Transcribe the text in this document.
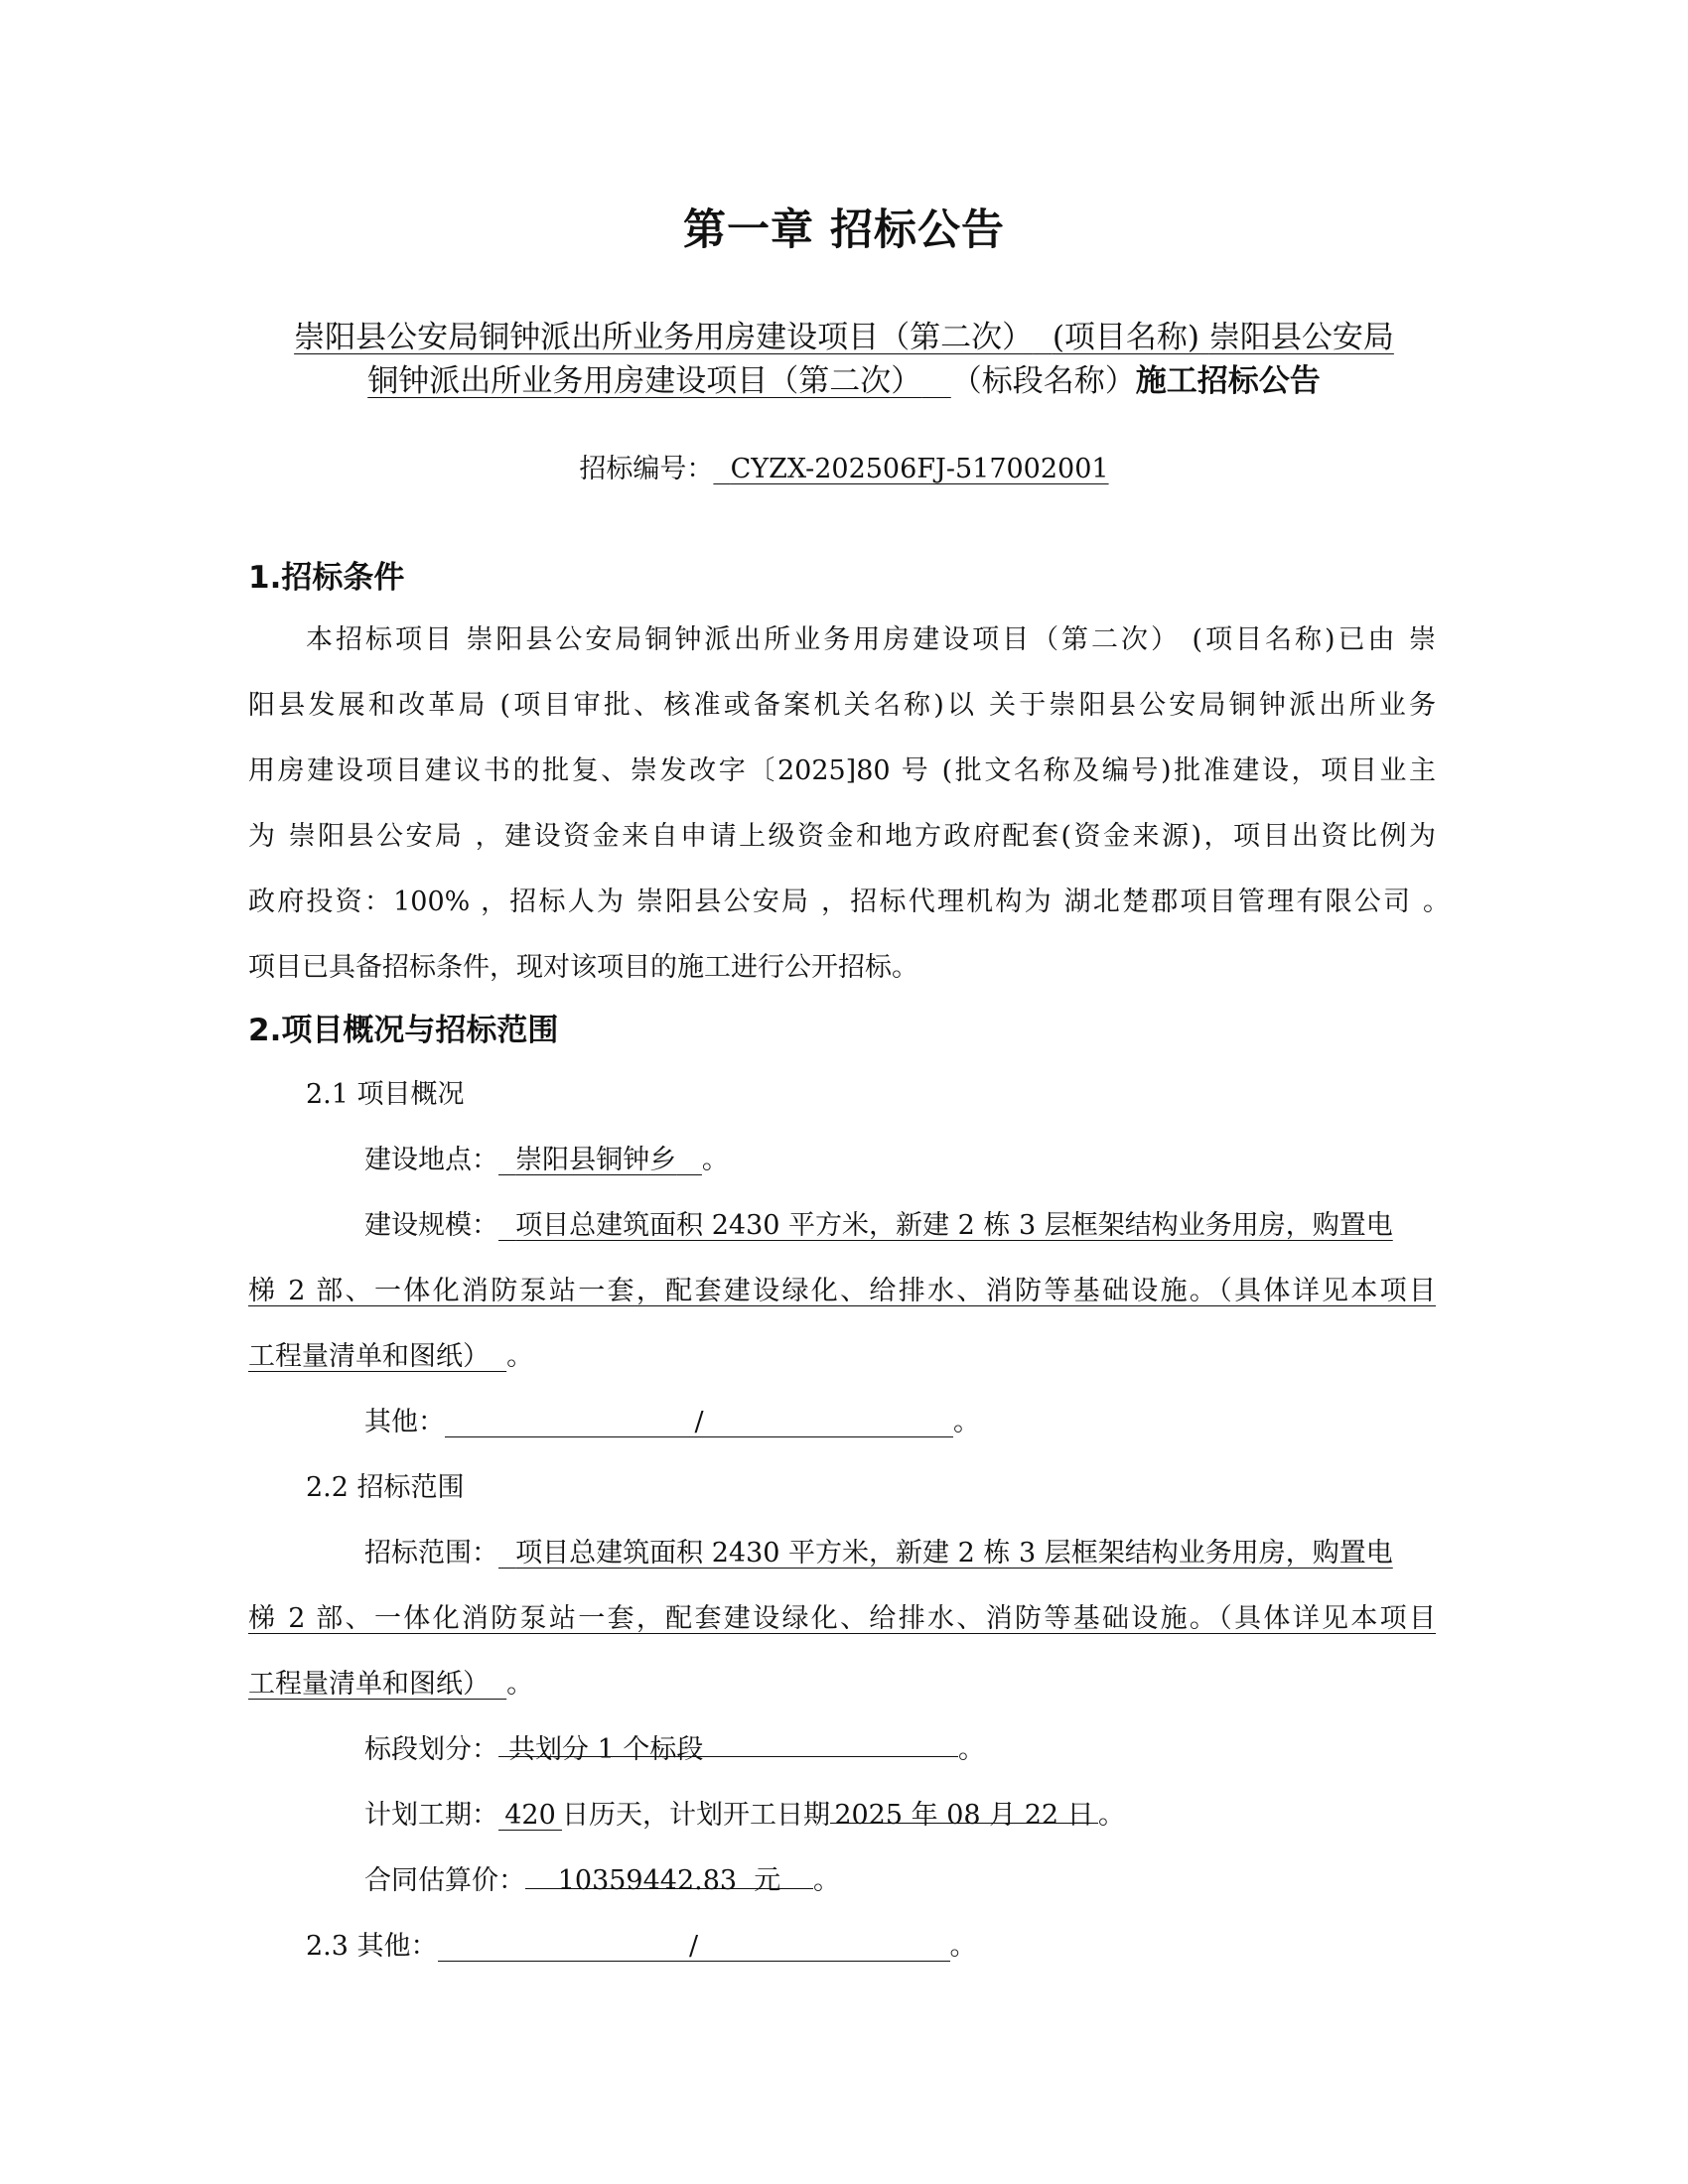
第一章 招标公告
崇阳县公安局铜钟派出所业务用房建设项目（第二次） (项目名称) 崇阳县公安局
铜钟派出所业务用房建设项目（第二次） （标段名称）施工招标公告
招标编号： CYZX-202506FJ-517002001
1.招标条件
本招标项目 崇阳县公安局铜钟派出所业务用房建设项目（第二次） (项目名称)已由 崇
阳县发展和改革局 (项目审批、核准或备案机关名称)以 关于崇阳县公安局铜钟派出所业务
用房建设项目建议书的批复、崇发改字〔2025]80 号 (批文名称及编号)批准建设，项目业主
为 崇阳县公安局 ，建设资金来自申请上级资金和地方政府配套(资金来源)，项目出资比例为
政府投资：100% ，招标人为 崇阳县公安局 ，招标代理机构为 湖北楚郡项目管理有限公司 。
项目已具备招标条件，现对该项目的施工进行公开招标。
2.项目概况与招标范围
2.1 项目概况
建设地点： 崇阳县铜钟乡 。
建设规模： 项目总建筑面积 2430 平方米，新建 2 栋 3 层框架结构业务用房，购置电
梯 2 部、一体化消防泵站一套，配套建设绿化、给排水、消防等基础设施。（具体详见本项目
工程量清单和图纸） 。
其他：	/	。
2.2 招标范围
招标范围： 项目总建筑面积 2430 平方米，新建 2 栋 3 层框架结构业务用房，购置电
梯 2 部、一体化消防泵站一套，配套建设绿化、给排水、消防等基础设施。（具体详见本项目
工程量清单和图纸） 。
标段划分： 共划分 1 个标段	。
计划工期： 420 日历天，计划开工日期 2025 年 08 月 22 日 。
合同估算价： 10359442.83 元 。
2.3 其他：	/	。
